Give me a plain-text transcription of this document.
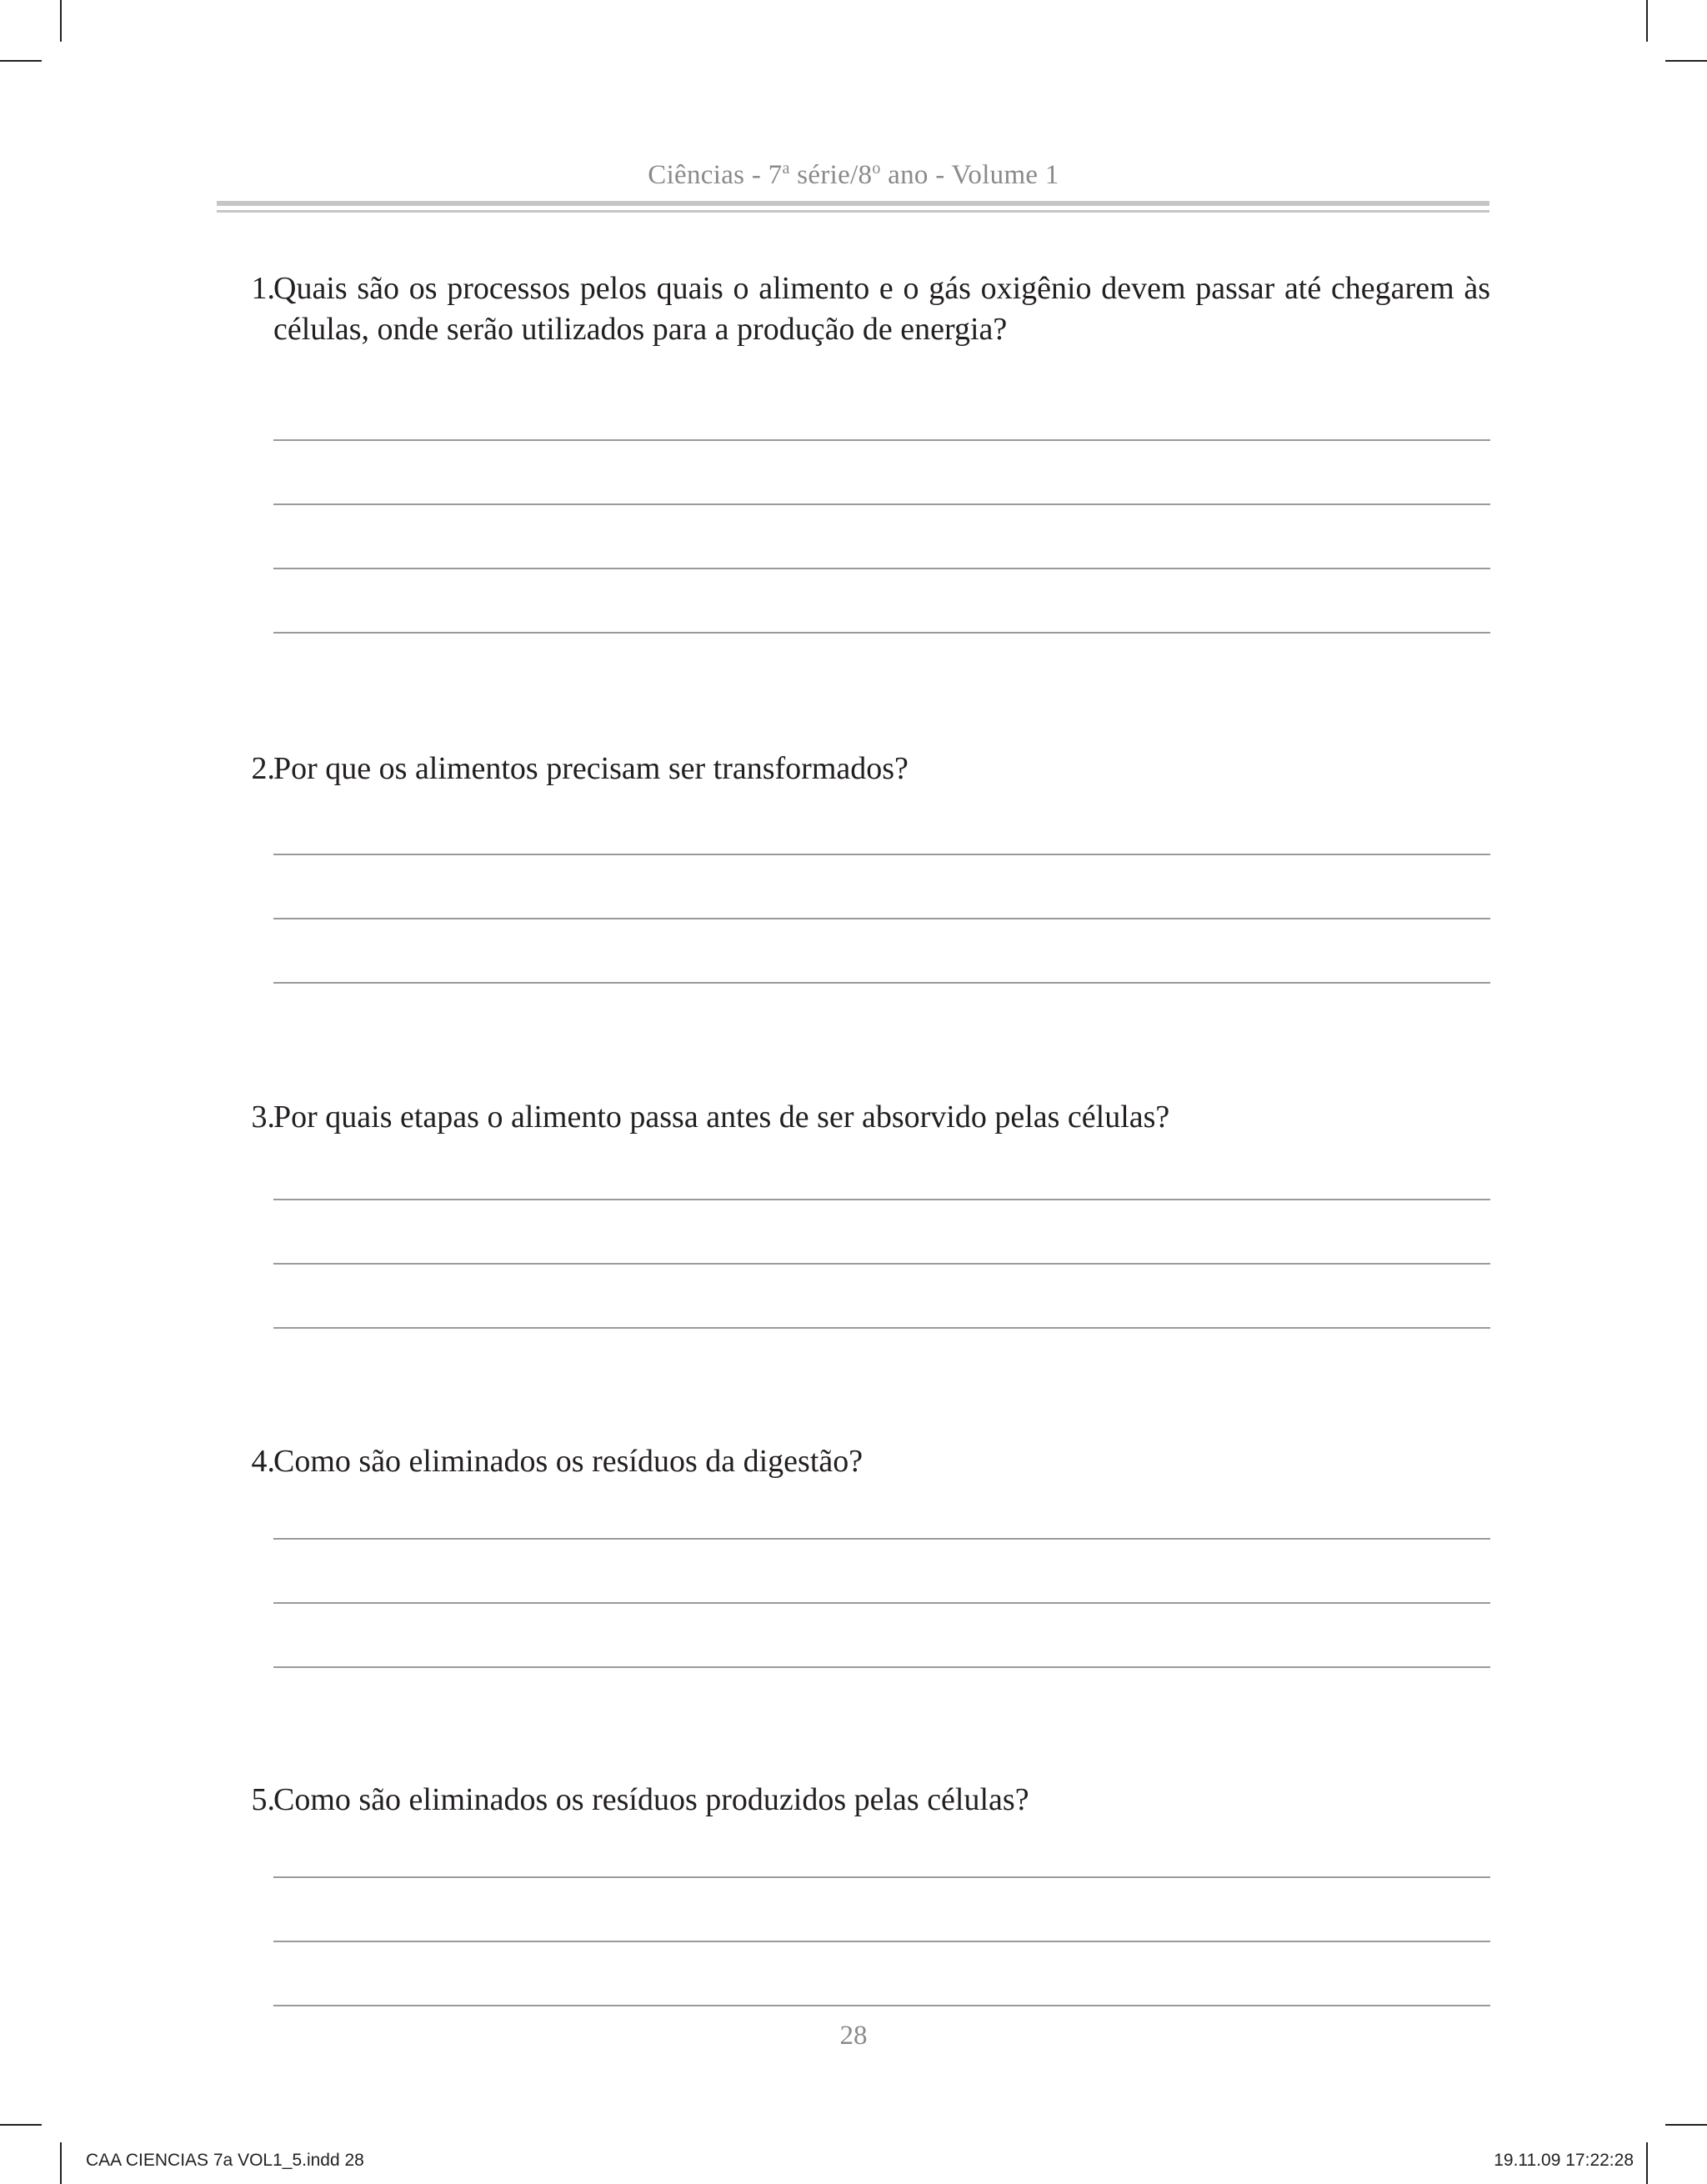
Ciências - 7$^a$ série/8$^o$ ano - Volume 1
1.
Quais são os processos pelos quais o alimento e o gás oxigênio devem passar até chegarem às células, onde serão utilizados para a produção de energia?
2.
Por que os alimentos precisam ser transformados?
3.
Por quais etapas o alimento passa antes de ser absorvido pelas células?
4.
Como são eliminados os resíduos da digestão?
5.
Como são eliminados os resíduos produzidos pelas células?
28
CAA CIENCIAS 7a VOL1_5.indd 28	19.11.09 17:22:28
